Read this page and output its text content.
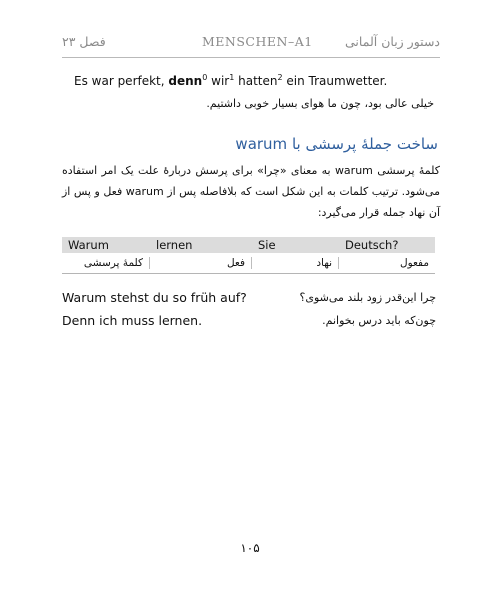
فصل ۲۳	MENSCHEN–A1	دستور زبان آلمانی
Es war perfekt, denn$^0$ wir$^1$ hatten$^2$ ein Traumwetter.
خیلی عالی بود، چون ما هوای بسیار خوبی داشتیم.
ساخت جملهٔ پرسشی با warum
کلمهٔ پرسشی warum به معنای «چرا» برای پرسش دربارهٔ علت یک امر استفاده می‌شود. ترتیب کلمات به این شکل است که بلافاصله پس از warum فعل و پس از آن نهاد جمله قرار می‌گیرد:
Warum	lernen	Sie	Deutsch?
کلمهٔ پرسشی	فعل	نهاد	مفعول
Warum stehst du so früh auf?	چرا این‌قدر زود بلند می‌شوی؟
Denn ich muss lernen.	چون‌که باید درس بخوانم.
۱۰۵
